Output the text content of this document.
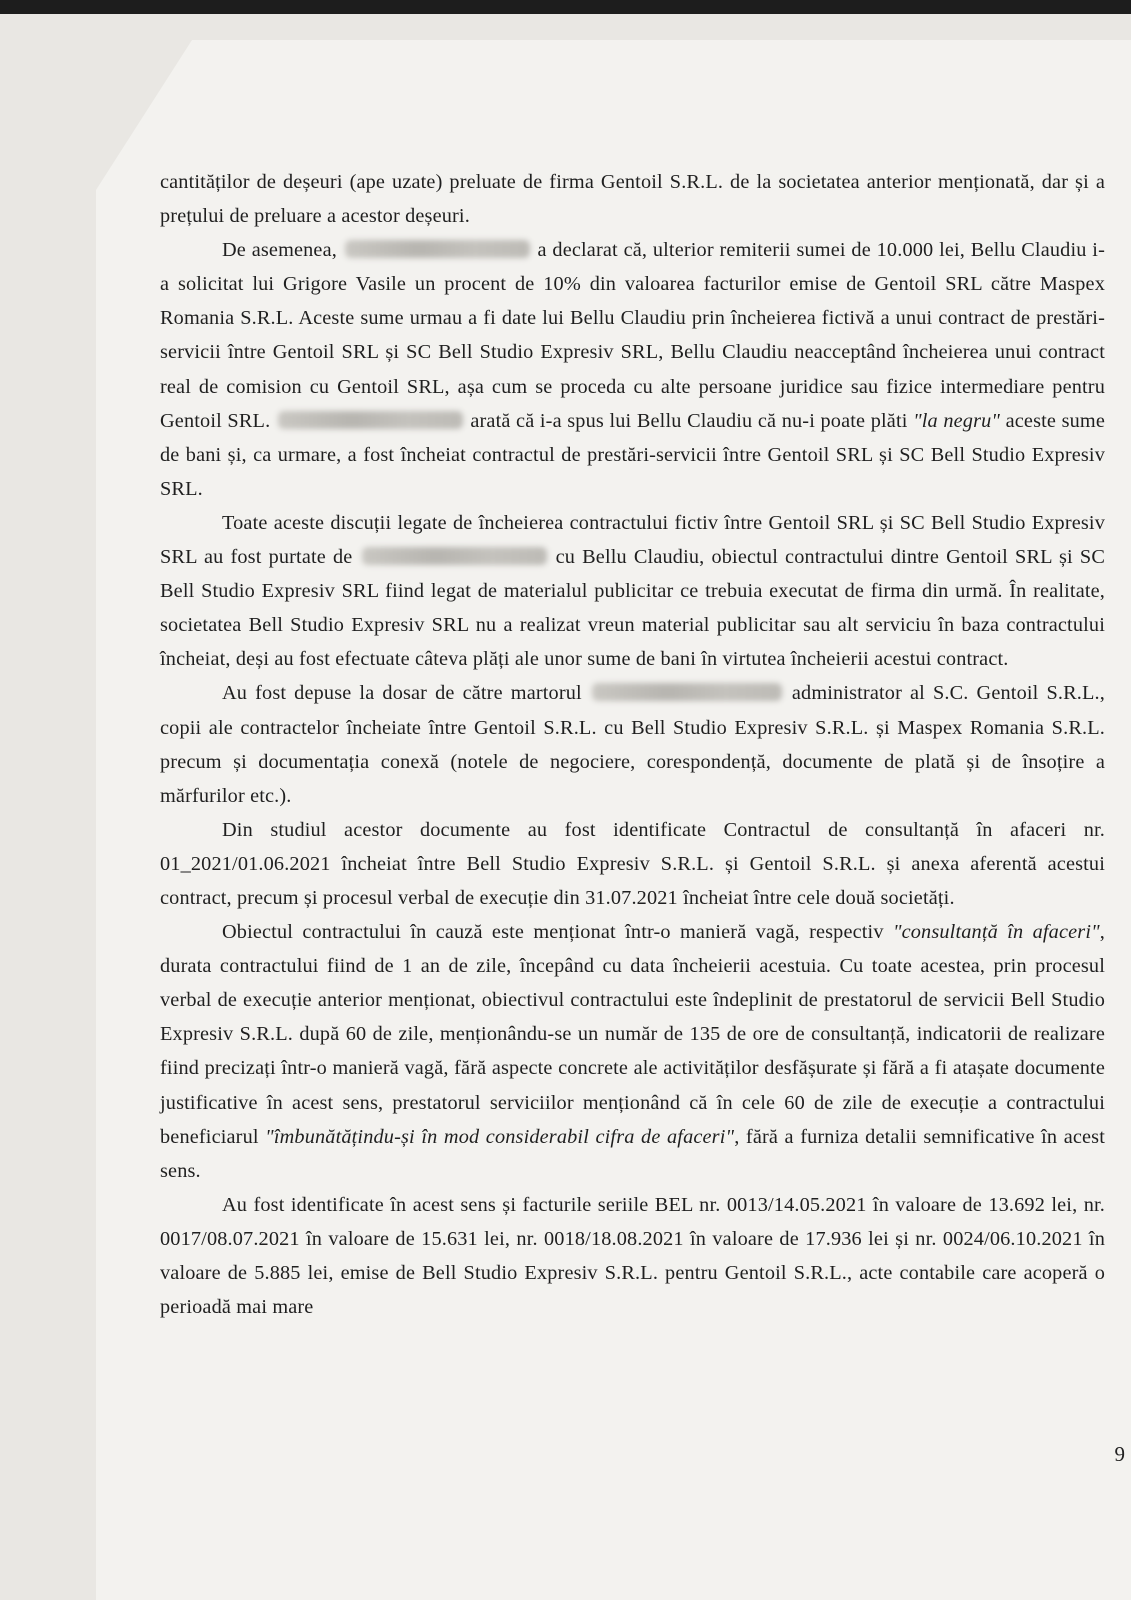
cantităților de deșeuri (ape uzate) preluate de firma Gentoil S.R.L. de la societatea anterior menționată, dar și a prețului de preluare a acestor deșeuri.

De asemenea,	a declarat că, ulterior remiterii sumei de 10.000 lei, Bellu Claudiu i-a solicitat lui Grigore Vasile un procent de 10% din valoarea facturilor emise de Gentoil SRL către Maspex Romania S.R.L. Aceste sume urmau a fi date lui Bellu Claudiu prin încheierea fictivă a unui contract de prestări-servicii între Gentoil SRL și SC Bell Studio Expresiv SRL, Bellu Claudiu neacceptând încheierea unui contract real de comision cu Gentoil SRL, așa cum se proceda cu alte persoane juridice sau fizice intermediare pentru Gentoil SRL.	arată că i-a spus lui Bellu Claudiu că nu-i poate plăti "la negru" aceste sume de bani și, ca urmare, a fost încheiat contractul de prestări-servicii între Gentoil SRL și SC Bell Studio Expresiv SRL.

Toate aceste discuții legate de încheierea contractului fictiv între Gentoil SRL și SC Bell Studio Expresiv SRL au fost purtate de	cu Bellu Claudiu, obiectul contractului dintre Gentoil SRL și SC Bell Studio Expresiv SRL fiind legat de materialul publicitar ce trebuia executat de firma din urmă. În realitate, societatea Bell Studio Expresiv SRL nu a realizat vreun material publicitar sau alt serviciu în baza contractului încheiat, deși au fost efectuate câteva plăți ale unor sume de bani în virtutea încheierii acestui contract.

Au fost depuse la dosar de către martorul	administrator al S.C. Gentoil S.R.L., copii ale contractelor încheiate între Gentoil S.R.L. cu Bell Studio Expresiv S.R.L. și Maspex Romania S.R.L. precum și documentația conexă (notele de negociere, corespondență, documente de plată și de însoțire a mărfurilor etc.).

Din studiul acestor documente au fost identificate Contractul de consultanță în afaceri nr. 01_2021/01.06.2021 încheiat între Bell Studio Expresiv S.R.L. și Gentoil S.R.L. și anexa aferentă acestui contract, precum și procesul verbal de execuție din 31.07.2021 încheiat între cele două societăți.

Obiectul contractului în cauză este menționat într-o manieră vagă, respectiv "consultanță în afaceri", durata contractului fiind de 1 an de zile, începând cu data încheierii acestuia. Cu toate acestea, prin procesul verbal de execuție anterior menționat, obiectivul contractului este îndeplinit de prestatorul de servicii Bell Studio Expresiv S.R.L. după 60 de zile, menționându-se un număr de 135 de ore de consultanță, indicatorii de realizare fiind precizați într-o manieră vagă, fără aspecte concrete ale activităților desfășurate și fără a fi atașate documente justificative în acest sens, prestatorul serviciilor menționând că în cele 60 de zile de execuție a contractului beneficiarul "îmbunătățindu-și în mod considerabil cifra de afaceri", fără a furniza detalii semnificative în acest sens.

Au fost identificate în acest sens și facturile seriile BEL nr. 0013/14.05.2021 în valoare de 13.692 lei, nr. 0017/08.07.2021 în valoare de 15.631 lei, nr. 0018/18.08.2021 în valoare de 17.936 lei și nr. 0024/06.10.2021 în valoare de 5.885 lei, emise de Bell Studio Expresiv S.R.L. pentru Gentoil S.R.L., acte contabile care acoperă o perioadă mai mare

9
